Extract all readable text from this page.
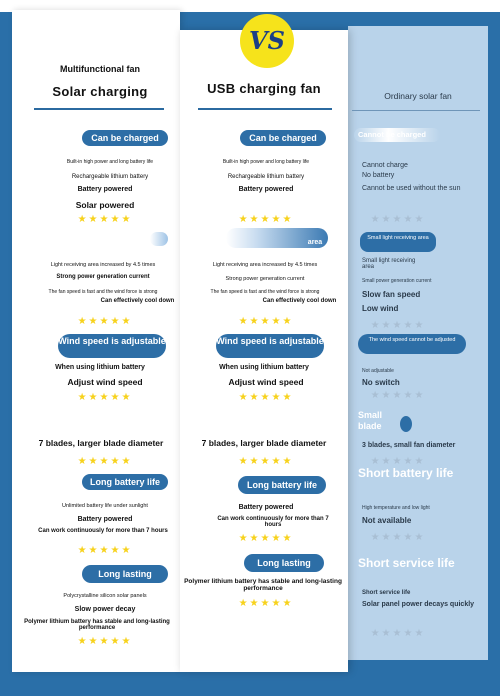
VS
Multifunctional fan
Solar charging
Can be charged
Built-in high power and long battery life
Rechargeable lithium battery
Battery powered
Solar powered
★★★★★
Light receiving area increased by 4.5 times
Strong power generation current
The fan speed is fast and the wind force is strong
Can effectively cool down
★★★★★
Wind speed is adjustable
When using lithium battery
Adjust wind speed
★★★★★
7 blades, larger blade diameter
★★★★★
Long battery life
Unlimited battery life under sunlight
Battery powered
Can work continuously for more than 7 hours
★★★★★
Long lasting
Polycrystalline silicon solar panels
Slow power decay
Polymer lithium battery has stable and long-lasting performance
★★★★★
USB charging fan
Can be charged
Built-in high power and long battery life
Rechargeable lithium battery
Battery powered
★★★★★
area
Light receiving area increased by 4.5 times
Strong power generation current
The fan speed is fast and the wind force is strong
Can effectively cool down
★★★★★
Wind speed is adjustable
When using lithium battery
Adjust wind speed
★★★★★
7 blades, larger blade diameter
★★★★★
Long battery life
Battery powered
Can work continuously for more than 7 hours
★★★★★
Long lasting
Polymer lithium battery has stable and long-lasting performance
★★★★★
Ordinary solar fan
Cannot be charged
Cannot charge
No battery
Cannot be used without the sun
★★★★★
Small light receiving area
Small light receiving area
Small power generation current
Slow fan speed
Low wind
★★★★★
The wind speed cannot be adjusted
Not adjustable
No switch
★★★★★
Small blade
3 blades, small fan diameter
★★★★★
Short battery life
High temperature and low light
Not available
★★★★★
Short service life
Short service life
Solar panel power decays quickly
★★★★★
